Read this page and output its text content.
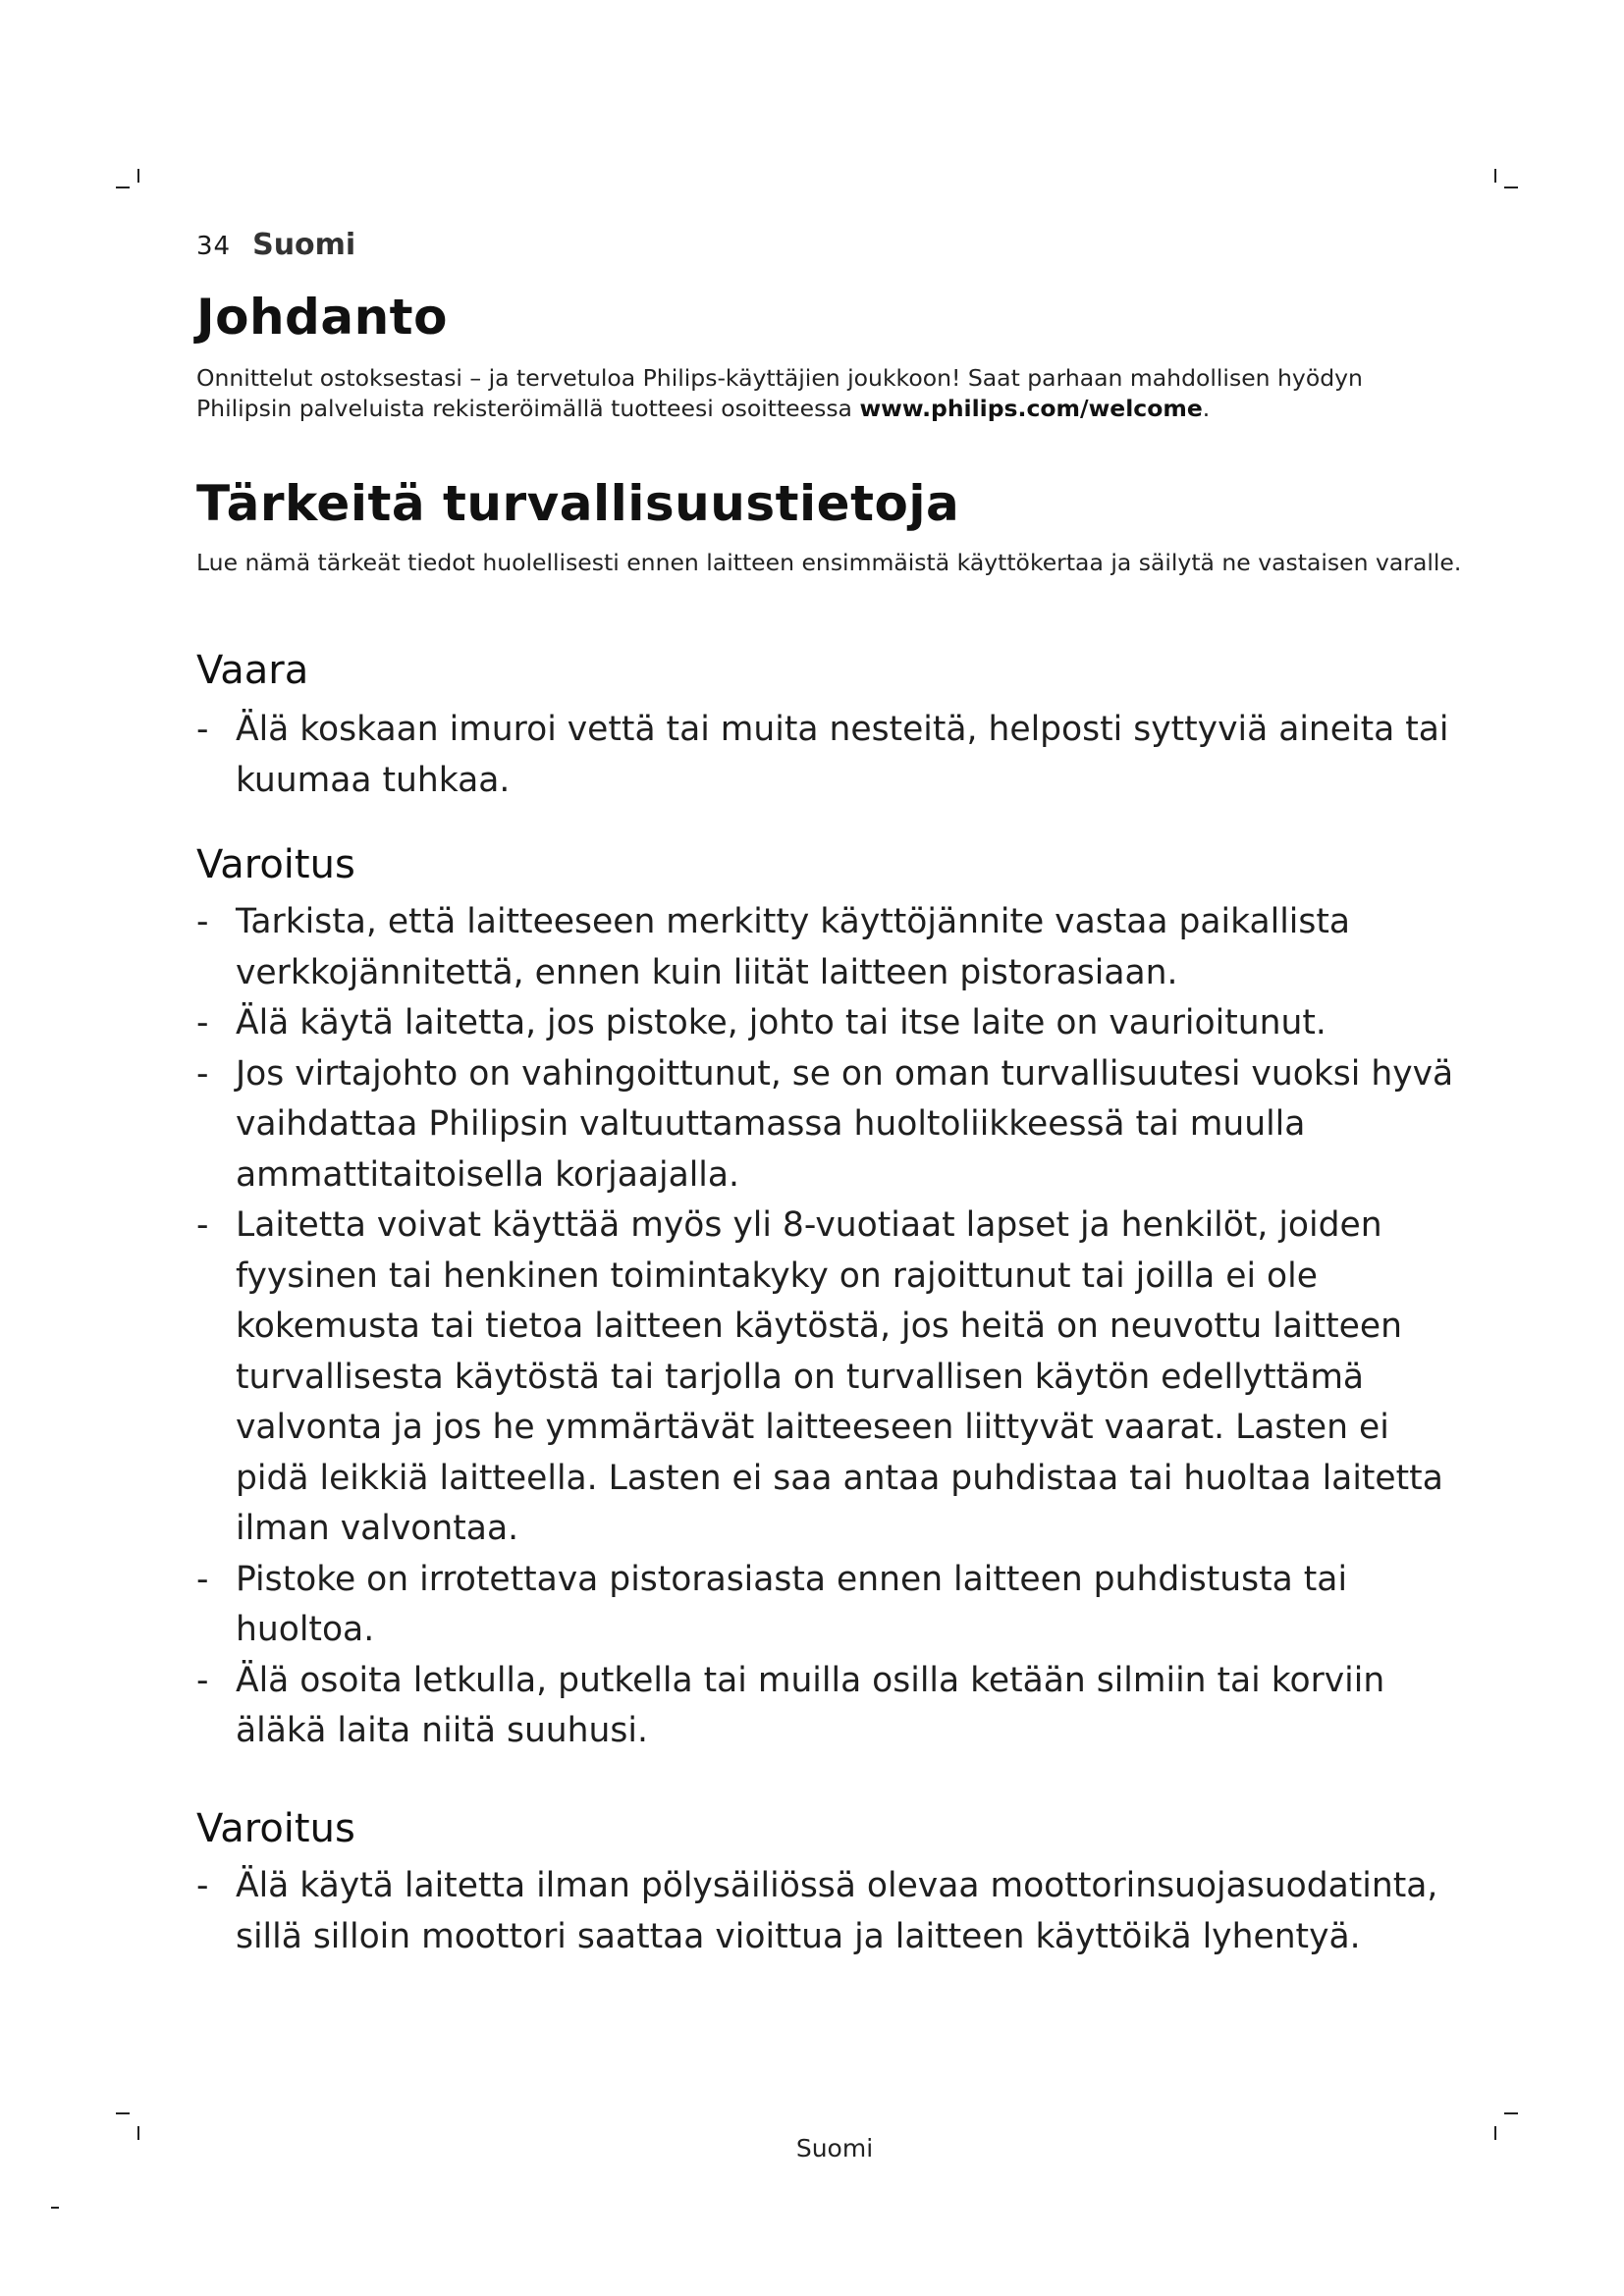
34 Suomi
Johdanto

Onnittelut ostoksestasi – ja tervetuloa Philips-käyttäjien joukkoon! Saat parhaan mahdollisen hyödyn Philipsin palveluista rekisteröimällä tuotteesi osoitteessa www.philips.com/welcome.

Tärkeitä turvallisuustietoja

Lue nämä tärkeät tiedot huolellisesti ennen laitteen ensimmäistä käyttökertaa ja säilytä ne vastaisen varalle.

Vaara
- Älä koskaan imuroi vettä tai muita nesteitä, helposti syttyviä aineita tai kuumaa tuhkaa.
Varoitus
- Tarkista, että laitteeseen merkitty käyttöjännite vastaa paikallista verkkojännitettä, ennen kuin liität laitteen pistorasiaan.
- Älä käytä laitetta, jos pistoke, johto tai itse laite on vaurioitunut.
- Jos virtajohto on vahingoittunut, se on oman turvallisuutesi vuoksi hyvä vaihdattaa Philipsin valtuuttamassa huoltoliikkeessä tai muulla ammattitaitoisella korjaajalla.
- Laitetta voivat käyttää myös yli 8-vuotiaat lapset ja henkilöt, joiden fyysinen tai henkinen toimintakyky on rajoittunut tai joilla ei ole kokemusta tai tietoa laitteen käytöstä, jos heitä on neuvottu laitteen turvallisesta käytöstä tai tarjolla on turvallisen käytön edellyttämä valvonta ja jos he ymmärtävät laitteeseen liittyvät vaarat. Lasten ei pidä leikkiä laitteella. Lasten ei saa antaa puhdistaa tai huoltaa laitetta ilman valvontaa.
- Pistoke on irrotettava pistorasiasta ennen laitteen puhdistusta tai huoltoa.
- Älä osoita letkulla, putkella tai muilla osilla ketään silmiin tai korviin äläkä laita niitä suuhusi.
Varoitus
- Älä käytä laitetta ilman pölysäiliössä olevaa moottorinsuojasuodatinta, sillä silloin moottori saattaa vioittua ja laitteen käyttöikä lyhentyä.
Suomi
